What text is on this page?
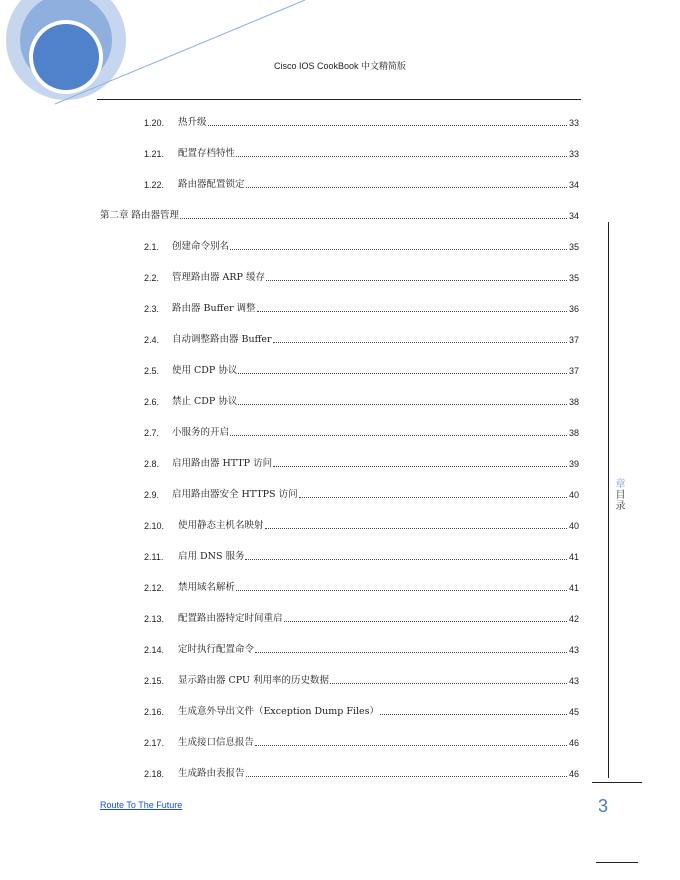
Cisco IOS CookBook 中文精简版
1.20.	热升级	33
1.21.	配置存档特性	33
1.22.	路由器配置锁定	34
第二章 路由器管理	34
2.1.	创建命令别名	35
2.2.	管理路由器 ARP 缓存	35
2.3.	路由器 Buffer 调整	36
2.4.	自动调整路由器 Buffer	37
2.5.	使用 CDP 协议	37
2.6.	禁止 CDP 协议	38
2.7.	小服务的开启	38
2.8.	启用路由器 HTTP 访问	39
2.9.	启用路由器安全 HTTPS 访问	40
2.10.	使用静态主机名映射	40
2.11.	启用 DNS 服务	41
2.12.	禁用域名解析	41
2.13.	配置路由器特定时间重启	42
2.14.	定时执行配置命令	43
2.15.	显示路由器 CPU 利用率的历史数据	43
2.16.	生成意外导出文件（Exception Dump Files）	45
2.17.	生成接口信息报告	46
2.18.	生成路由表报告	46
章目录
3
Route To The Future
